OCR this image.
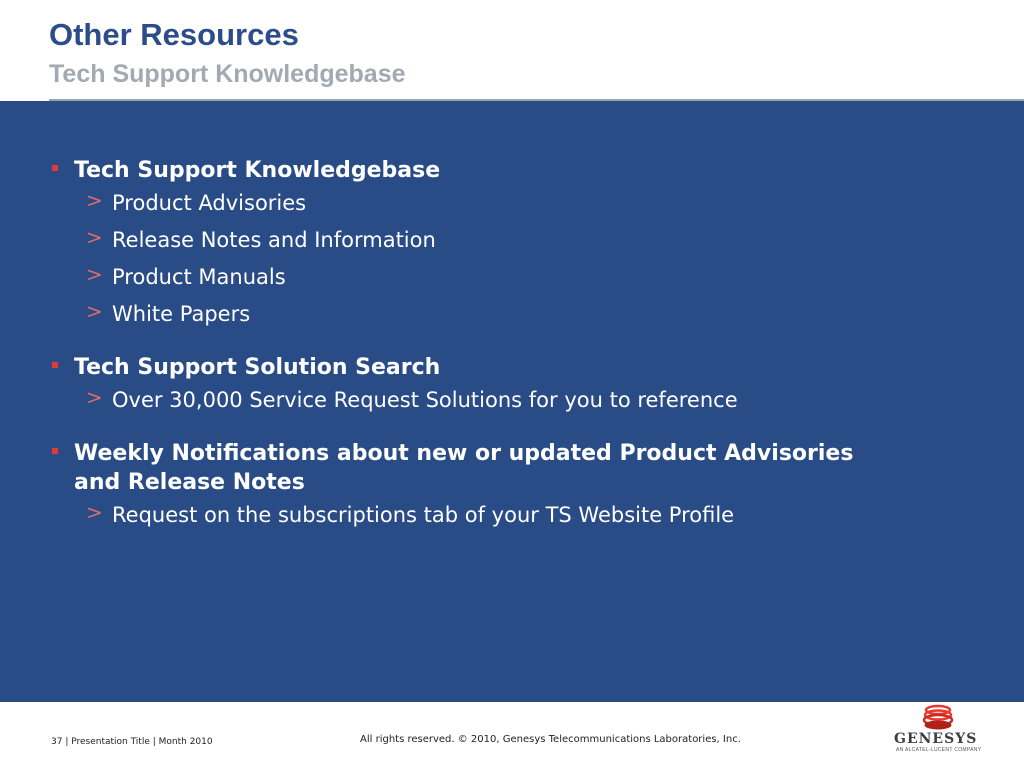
Other Resources
Tech Support Knowledgebase
Tech Support Knowledgebase
> Product Advisories
> Release Notes and Information
> Product Manuals
> White Papers
Tech Support Solution Search
> Over 30,000 Service Request Solutions for you to reference
Weekly Notifications about new or updated Product Advisories and Release Notes
> Request on the subscriptions tab of your TS Website Profile
37 | Presentation Title | Month 2010	All rights reserved. © 2010, Genesys Telecommunications Laboratories, Inc.	GENESYS
AN ALCATEL-LUCENT COMPANY
